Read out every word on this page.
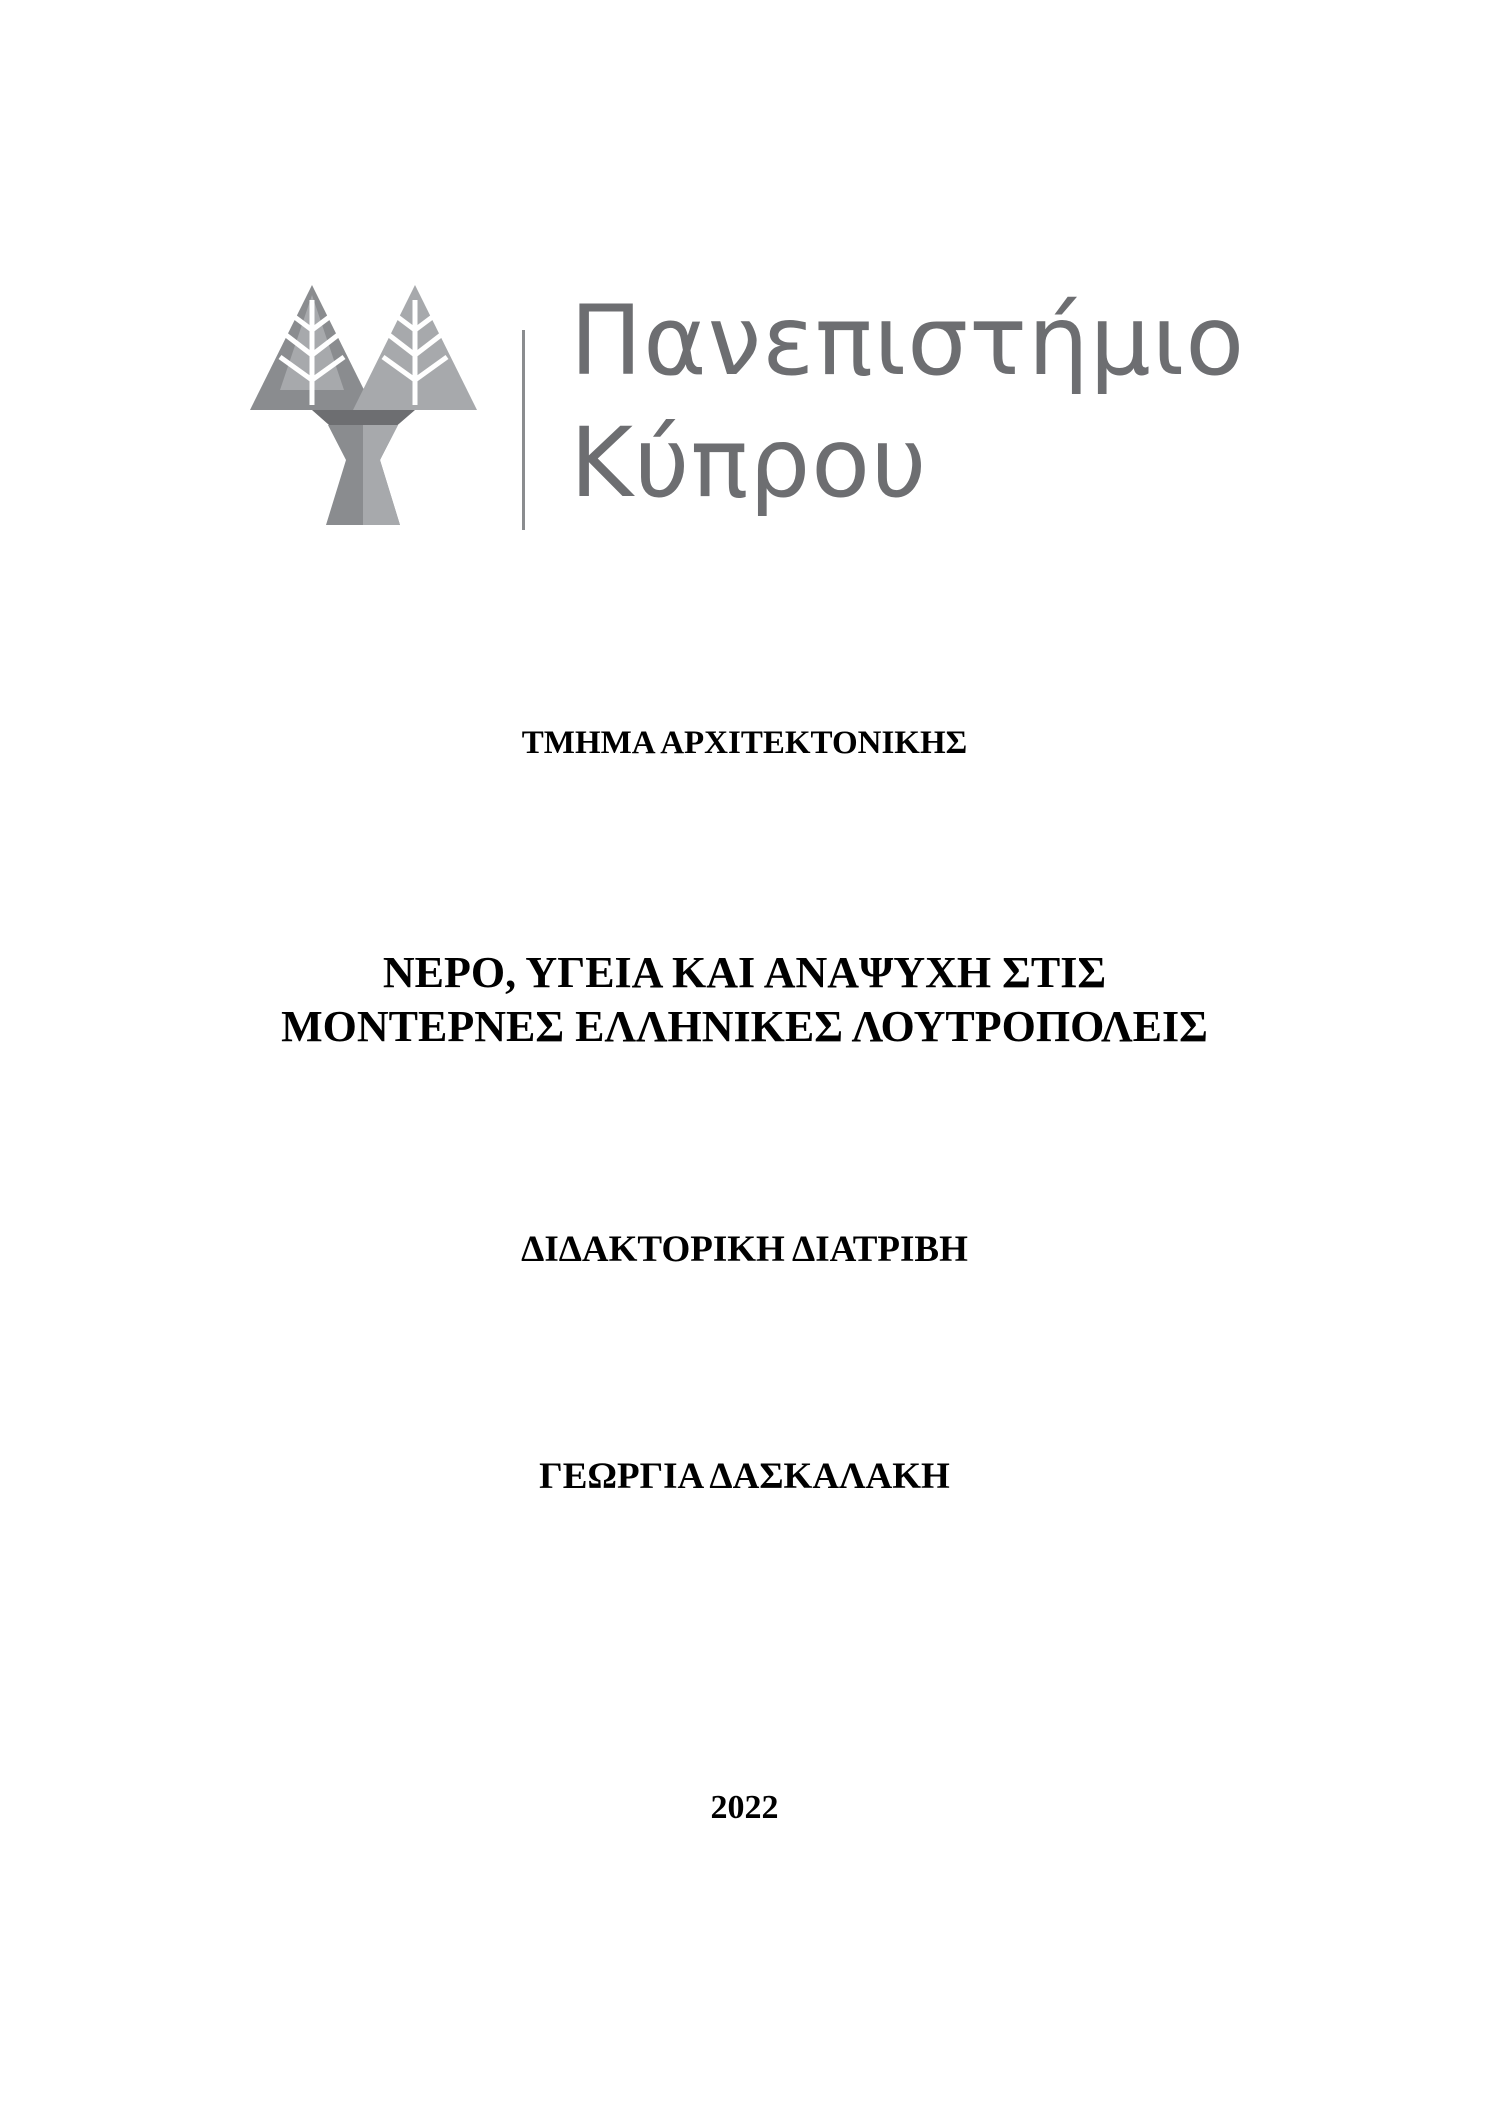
Πανεπιστήμιο
Κύπρου
ΤΜΗΜΑ ΑΡΧΙΤΕΚΤΟΝΙΚΗΣ
ΝΕΡΟ, ΥΓΕΙΑ ΚΑΙ ΑΝΑΨΥΧΗ ΣΤΙΣ
ΜΟΝΤΕΡΝΕΣ ΕΛΛΗΝΙΚΕΣ ΛΟΥΤΡΟΠΟΛΕΙΣ
ΔΙΔΑΚΤΟΡΙΚΗ ΔΙΑΤΡΙΒΗ
ΓΕΩΡΓΙΑ ΔΑΣΚΑΛΑΚΗ
2022
